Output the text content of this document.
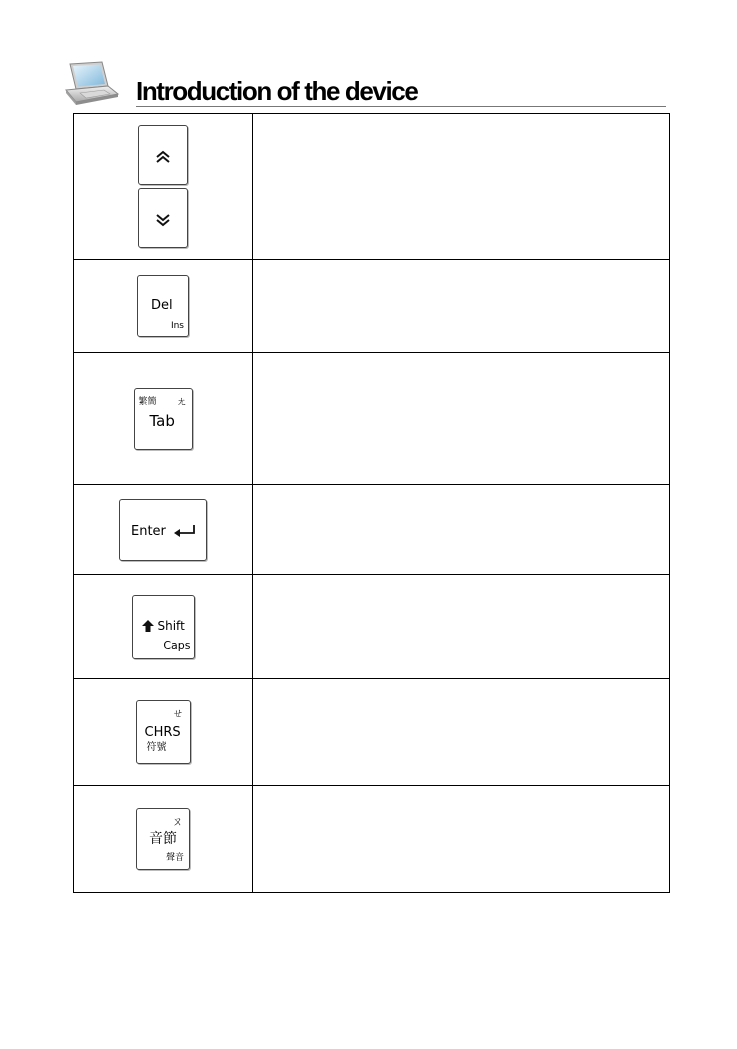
Introduction of the device

Del
Ins	

繁簡 ㄤ
Tab	

Enter	

Shift
Caps	

ㄝ
CHRS
符號	

ㄡ
音節
聲音	
